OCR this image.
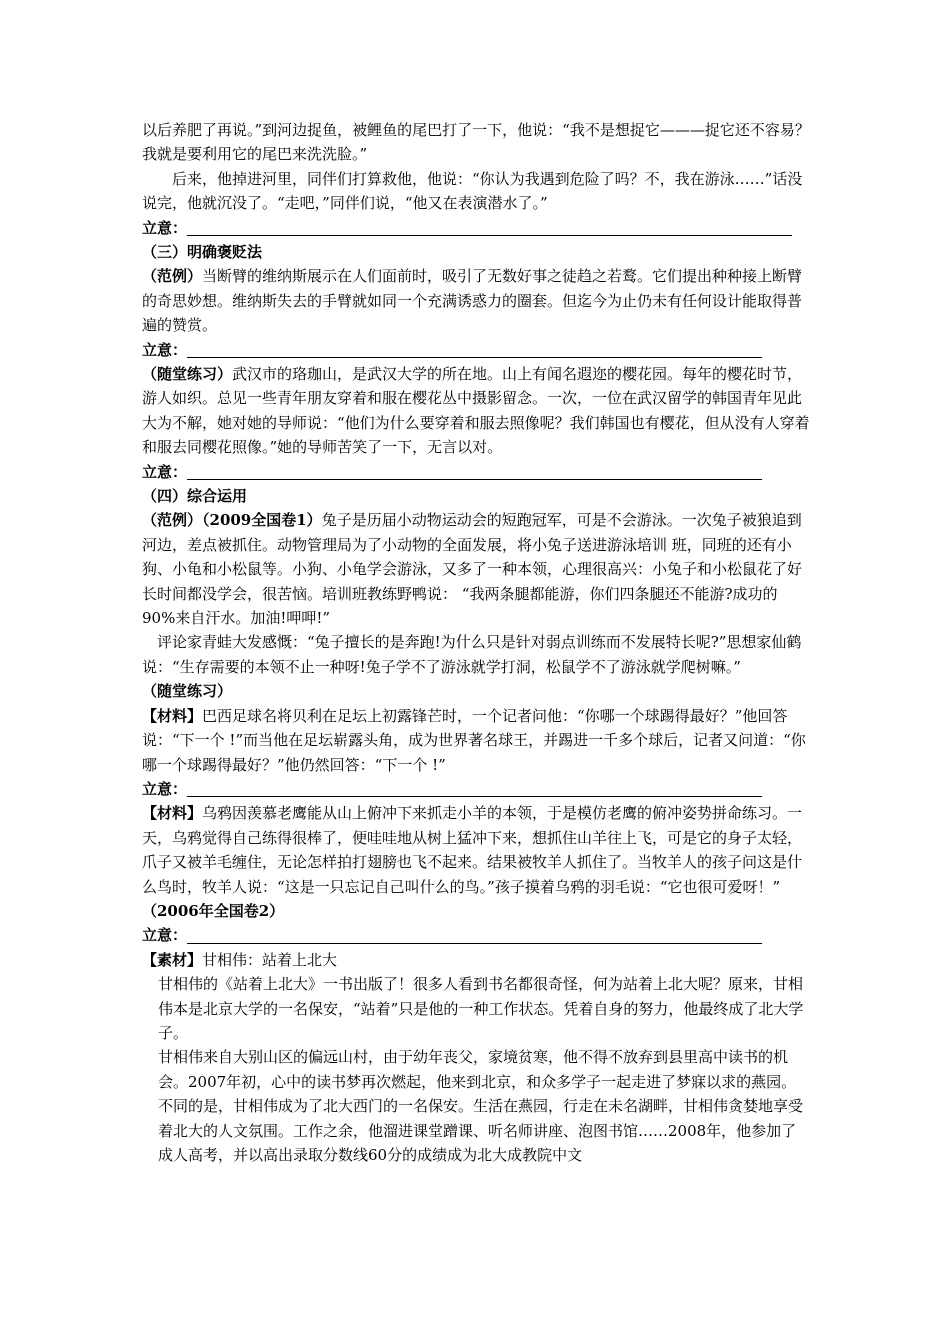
以后养肥了再说。”到河边捉鱼，被鲤鱼的尾巴打了一下，他说：“我不是想捉它———捉它还不容易？我就是要利用它的尾巴来洗洗脸。”

后来，他掉进河里，同伴们打算救他，他说：“你认为我遇到危险了吗？不，我在游泳……”话没说完，他就沉没了。“走吧，”同伴们说，“他又在表演潜水了。”

立意：

（三）明确褒贬法

（范例）当断臂的维纳斯展示在人们面前时，吸引了无数好事之徒趋之若鹜。它们提出种种接上断臂的奇思妙想。维纳斯失去的手臂就如同一个充满诱惑力的圈套。但迄今为止仍未有任何设计能取得普遍的赞赏。

立意：

（随堂练习）武汉市的珞珈山，是武汉大学的所在地。山上有闻名遐迩的樱花园。每年的樱花时节，游人如织。总见一些青年朋友穿着和服在樱花丛中摄影留念。一次，一位在武汉留学的韩国青年见此大为不解，她对她的导师说：“他们为什么要穿着和服去照像呢？我们韩国也有樱花，但从没有人穿着和服去同樱花照像。”她的导师苦笑了一下，无言以对。

立意：

（四）综合运用

（范例）（2009全国卷1）兔子是历届小动物运动会的短跑冠军，可是不会游泳。一次兔子被狼追到河边，差点被抓住。动物管理局为了小动物的全面发展，将小兔子送进游泳培训 班，同班的还有小狗、小龟和小松鼠等。小狗、小龟学会游泳，又多了一种本领，心理很高兴：小兔子和小松鼠花了好长时间都没学会，很苦恼。培训班教练野鸭说： “我两条腿都能游，你们四条腿还不能游?成功的90%来自汗水。加油!呷呷!”

评论家青蛙大发感慨：“兔子擅长的是奔跑!为什么只是针对弱点训练而不发展特长呢?”思想家仙鹤说：“生存需要的本领不止一种呀!兔子学不了游泳就学打洞，松鼠学不了游泳就学爬树嘛。”

（随堂练习）

【材料】巴西足球名将贝利在足坛上初露锋芒时，一个记者问他：“你哪一个球踢得最好？”他回答说：“下一个 !”而当他在足坛崭露头角，成为世界著名球王，并踢进一千多个球后，记者又问道：“你哪一个球踢得最好？”他仍然回答：“下一个 !”

立意：

【材料】乌鸦因羡慕老鹰能从山上俯冲下来抓走小羊的本领，于是模仿老鹰的俯冲姿势拼命练习。一天，乌鸦觉得自己练得很棒了，便哇哇地从树上猛冲下来，想抓住山羊往上飞，可是它的身子太轻，爪子又被羊毛缠住，无论怎样拍打翅膀也飞不起来。结果被牧羊人抓住了。当牧羊人的孩子问这是什么鸟时，牧羊人说：“这是一只忘记自己叫什么的鸟。”孩子摸着乌鸦的羽毛说：“它也很可爱呀！” （2006年全国卷2）

立意：

【素材】甘相伟：站着上北大

甘相伟的《站着上北大》一书出版了！很多人看到书名都很奇怪，何为站着上北大呢？原来，甘相伟本是北京大学的一名保安，“站着”只是他的一种工作状态。凭着自身的努力，他最终成了北大学子。

甘相伟来自大别山区的偏远山村，由于幼年丧父，家境贫寒，他不得不放弃到县里高中读书的机会。2007年初，心中的读书梦再次燃起，他来到北京，和众多学子一起走进了梦寐以求的燕园。不同的是，甘相伟成为了北大西门的一名保安。生活在燕园，行走在未名湖畔，甘相伟贪婪地享受着北大的人文氛围。工作之余，他溜进课堂蹭课、听名师讲座、泡图书馆……2008年，他参加了成人高考，并以高出录取分数线60分的成绩成为北大成教院中文
